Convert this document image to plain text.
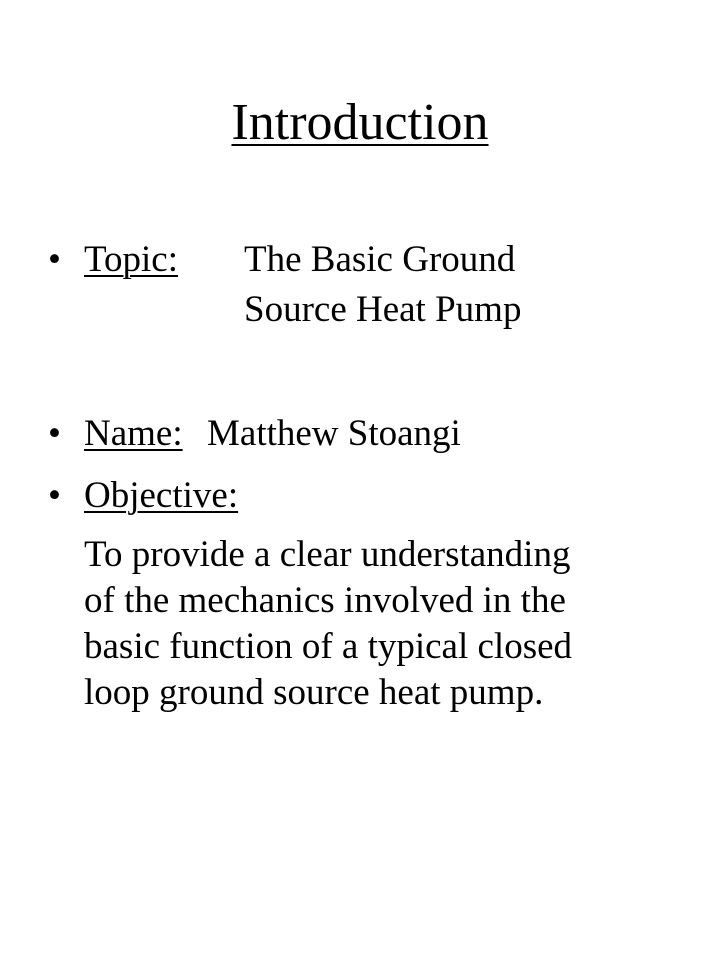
Introduction
• Topic: The Basic Ground
Source Heat Pump
• Name: Matthew Stoangi
• Objective:
To provide a clear understanding
of the mechanics involved in the
basic function of a typical closed
loop ground source heat pump.
